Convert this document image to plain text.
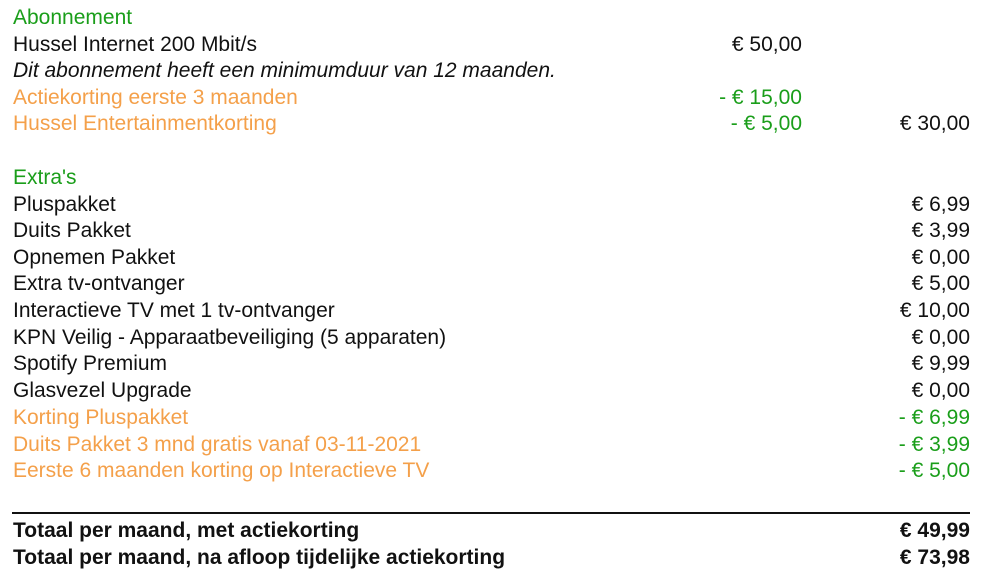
Abonnement
Hussel Internet 200 Mbit/s	€ 50,00
Dit abonnement heeft een minimumduur van 12 maanden.
Actiekorting eerste 3 maanden	- € 15,00
Hussel Entertainmentkorting	- € 5,00	€ 30,00
Extra's
Pluspakket	€ 6,99
Duits Pakket	€ 3,99
Opnemen Pakket	€ 0,00
Extra tv-ontvanger	€ 5,00
Interactieve TV met 1 tv-ontvanger	€ 10,00
KPN Veilig - Apparaatbeveiliging (5 apparaten)	€ 0,00
Spotify Premium	€ 9,99
Glasvezel Upgrade	€ 0,00
Korting Pluspakket	- € 6,99
Duits Pakket 3 mnd gratis vanaf 03-11-2021	- € 3,99
Eerste 6 maanden korting op Interactieve TV	- € 5,00
Totaal per maand, met actiekorting	€ 49,99
Totaal per maand, na afloop tijdelijke actiekorting	€ 73,98
